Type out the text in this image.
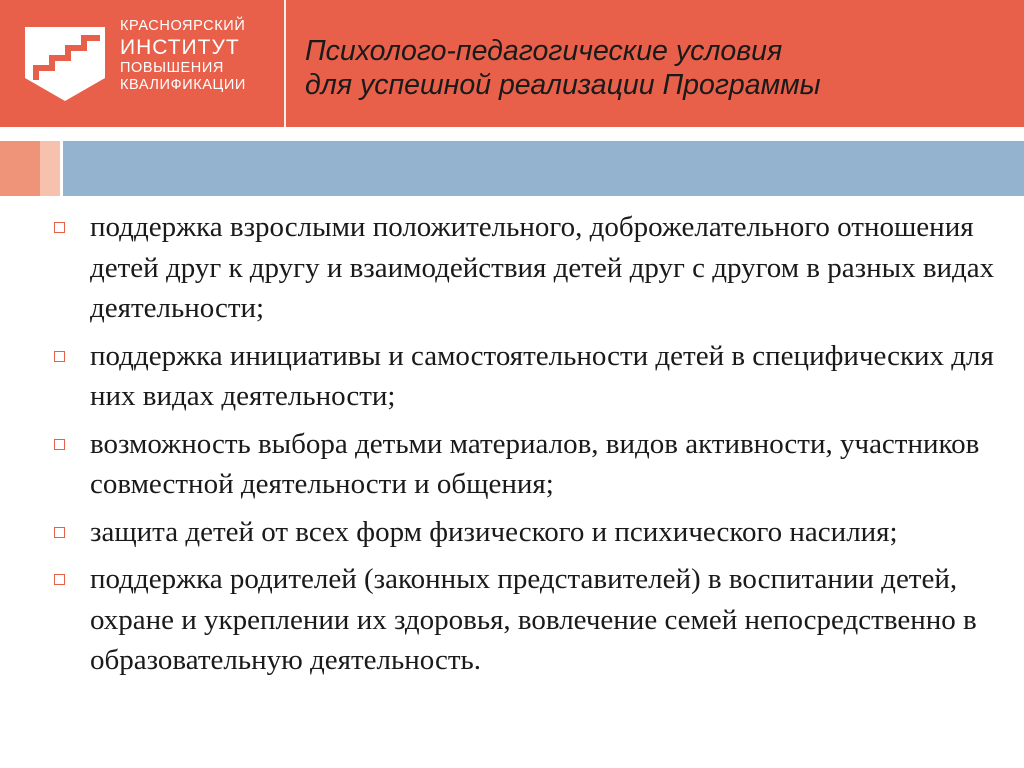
КРАСНОЯРСКИЙ
ИНСТИТУТ
ПОВЫШЕНИЯ
КВАЛИФИКАЦИИ
Психолого-педагогические условия
для успешной реализации Программы
поддержка взрослыми положительного, доброжелательного отношения детей друг к другу и взаимодействия детей друг с другом в разных видах деятельности;
поддержка инициативы и самостоятельности детей в специфических для них видах деятельности;
возможность выбора детьми материалов, видов активности, участников совместной деятельности и общения;
защита детей от всех форм физического и психического насилия;
поддержка родителей (законных представителей) в воспитании детей, охране и укреплении их здоровья, вовлечение семей непосредственно в образовательную деятельность.
